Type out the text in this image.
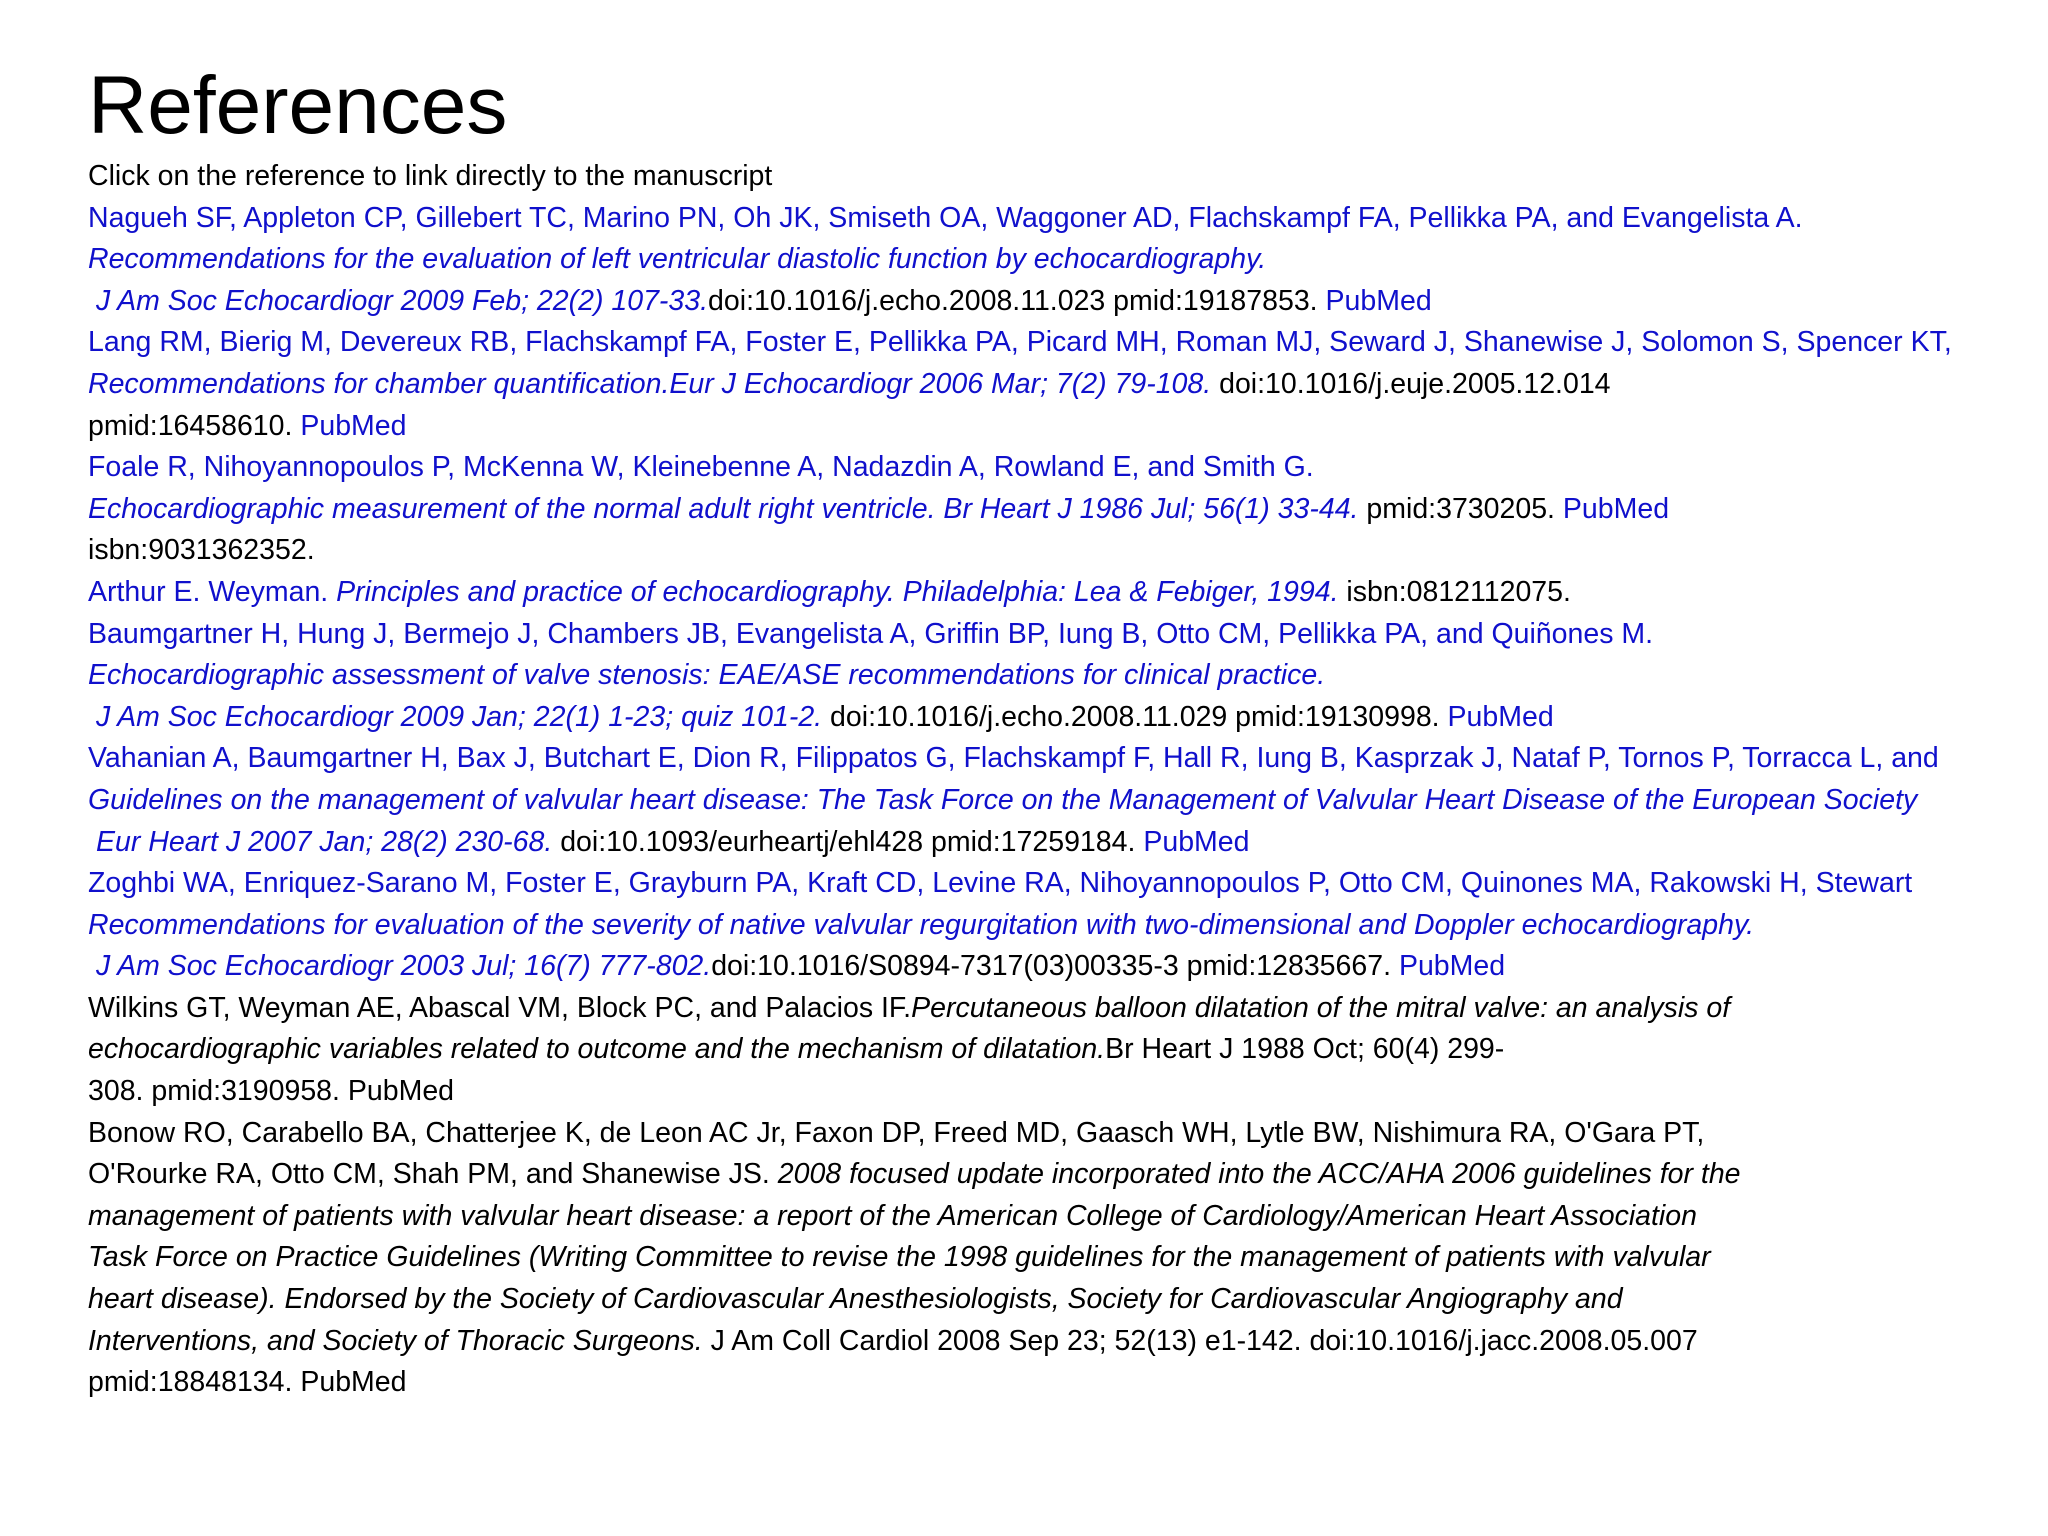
References
Click on the reference to link directly to the manuscript
Nagueh SF, Appleton CP, Gillebert TC, Marino PN, Oh JK, Smiseth OA, Waggoner AD, Flachskampf FA, Pellikka PA, and Evangelista A.
Recommendations for the evaluation of left ventricular diastolic function by echocardiography.
J Am Soc Echocardiogr 2009 Feb; 22(2) 107-33.doi:10.1016/j.echo.2008.11.023 pmid:19187853. PubMed
Lang RM, Bierig M, Devereux RB, Flachskampf FA, Foster E, Pellikka PA, Picard MH, Roman MJ, Seward J, Shanewise J, Solomon S, Spencer KT,
Recommendations for chamber quantification.Eur J Echocardiogr 2006 Mar; 7(2) 79-108. doi:10.1016/j.euje.2005.12.014
pmid:16458610. PubMed
Foale R, Nihoyannopoulos P, McKenna W, Kleinebenne A, Nadazdin A, Rowland E, and Smith G.
Echocardiographic measurement of the normal adult right ventricle. Br Heart J 1986 Jul; 56(1) 33-44. pmid:3730205. PubMed
isbn:9031362352.
Arthur E. Weyman. Principles and practice of echocardiography. Philadelphia: Lea & Febiger, 1994. isbn:0812112075.
Baumgartner H, Hung J, Bermejo J, Chambers JB, Evangelista A, Griffin BP, Iung B, Otto CM, Pellikka PA, and Quiñones M.
Echocardiographic assessment of valve stenosis: EAE/ASE recommendations for clinical practice.
J Am Soc Echocardiogr 2009 Jan; 22(1) 1-23; quiz 101-2. doi:10.1016/j.echo.2008.11.029 pmid:19130998. PubMed
Vahanian A, Baumgartner H, Bax J, Butchart E, Dion R, Filippatos G, Flachskampf F, Hall R, Iung B, Kasprzak J, Nataf P, Tornos P, Torracca L, and
Guidelines on the management of valvular heart disease: The Task Force on the Management of Valvular Heart Disease of the European Society
Eur Heart J 2007 Jan; 28(2) 230-68. doi:10.1093/eurheartj/ehl428 pmid:17259184. PubMed
Zoghbi WA, Enriquez-Sarano M, Foster E, Grayburn PA, Kraft CD, Levine RA, Nihoyannopoulos P, Otto CM, Quinones MA, Rakowski H, Stewart
Recommendations for evaluation of the severity of native valvular regurgitation with two-dimensional and Doppler echocardiography.
J Am Soc Echocardiogr 2003 Jul; 16(7) 777-802.doi:10.1016/S0894-7317(03)00335-3 pmid:12835667. PubMed
Wilkins GT, Weyman AE, Abascal VM, Block PC, and Palacios IF.Percutaneous balloon dilatation of the mitral valve: an analysis of
echocardiographic variables related to outcome and the mechanism of dilatation.Br Heart J 1988 Oct; 60(4) 299-
308. pmid:3190958. PubMed
Bonow RO, Carabello BA, Chatterjee K, de Leon AC Jr, Faxon DP, Freed MD, Gaasch WH, Lytle BW, Nishimura RA, O'Gara PT,
O'Rourke RA, Otto CM, Shah PM, and Shanewise JS. 2008 focused update incorporated into the ACC/AHA 2006 guidelines for the
management of patients with valvular heart disease: a report of the American College of Cardiology/American Heart Association
Task Force on Practice Guidelines (Writing Committee to revise the 1998 guidelines for the management of patients with valvular
heart disease). Endorsed by the Society of Cardiovascular Anesthesiologists, Society for Cardiovascular Angiography and
Interventions, and Society of Thoracic Surgeons. J Am Coll Cardiol 2008 Sep 23; 52(13) e1-142. doi:10.1016/j.jacc.2008.05.007
pmid:18848134. PubMed
